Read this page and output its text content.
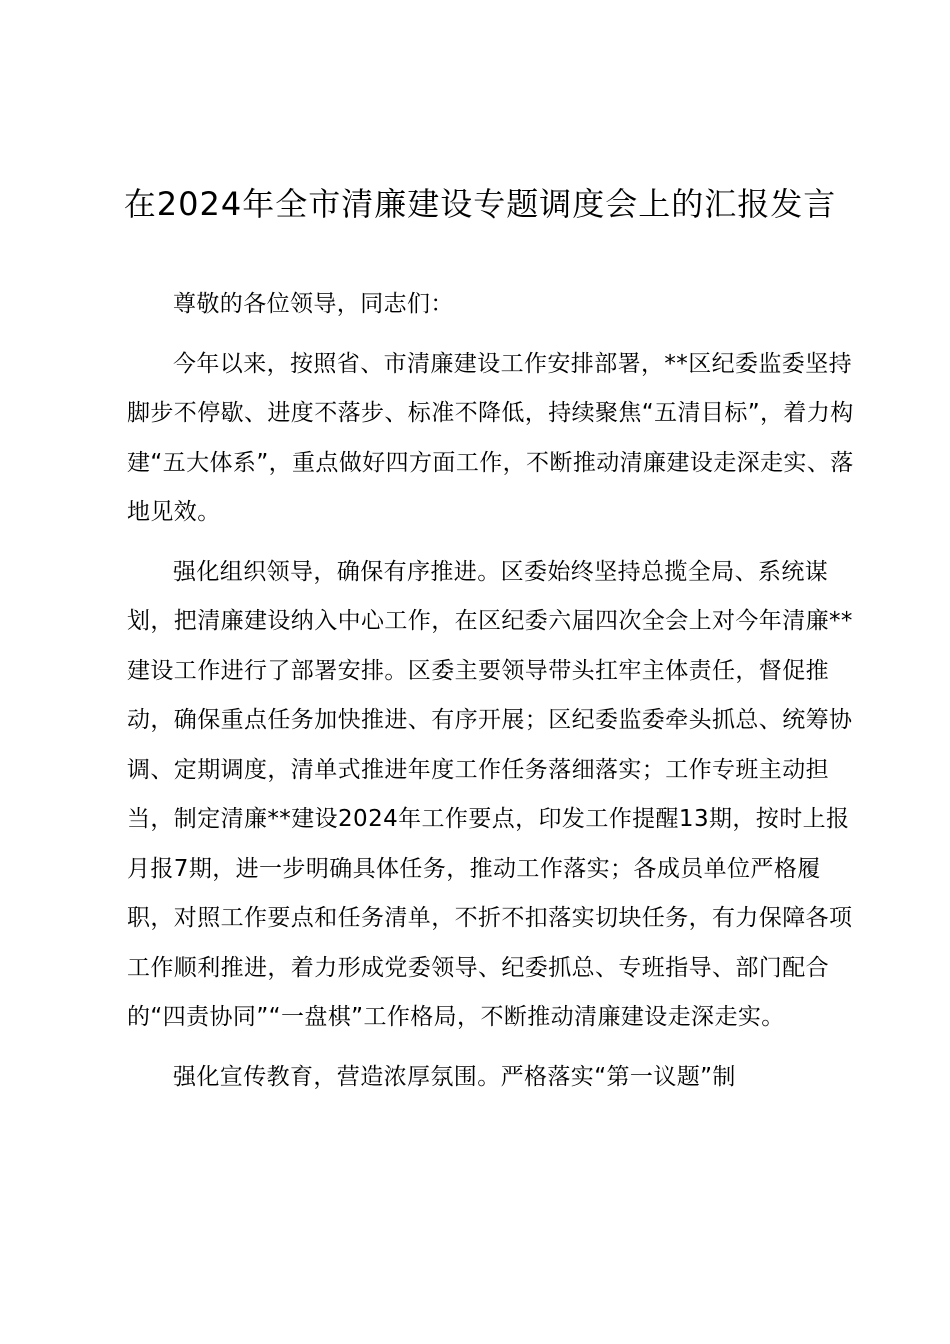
在2024年全市清廉建设专题调度会上的汇报发言

尊敬的各位领导，同志们：

今年以来，按照省、市清廉建设工作安排部署，**区纪委监委坚持脚步不停歇、进度不落步、标准不降低，持续聚焦“五清目标”，着力构建“五大体系”，重点做好四方面工作，不断推动清廉建设走深走实、落地见效。

强化组织领导，确保有序推进。区委始终坚持总揽全局、系统谋划，把清廉建设纳入中心工作，在区纪委六届四次全会上对今年清廉**建设工作进行了部署安排。区委主要领导带头扛牢主体责任，督促推动，确保重点任务加快推进、有序开展；区纪委监委牵头抓总、统筹协调、定期调度，清单式推进年度工作任务落细落实；工作专班主动担当，制定清廉**建设2024年工作要点，印发工作提醒13期，按时上报月报7期，进一步明确具体任务，推动工作落实；各成员单位严格履职，对照工作要点和任务清单，不折不扣落实切块任务，有力保障各项工作顺利推进，着力形成党委领导、纪委抓总、专班指导、部门配合的“四责协同”“一盘棋”工作格局，不断推动清廉建设走深走实。

强化宣传教育，营造浓厚氛围。严格落实“第一议题”制
